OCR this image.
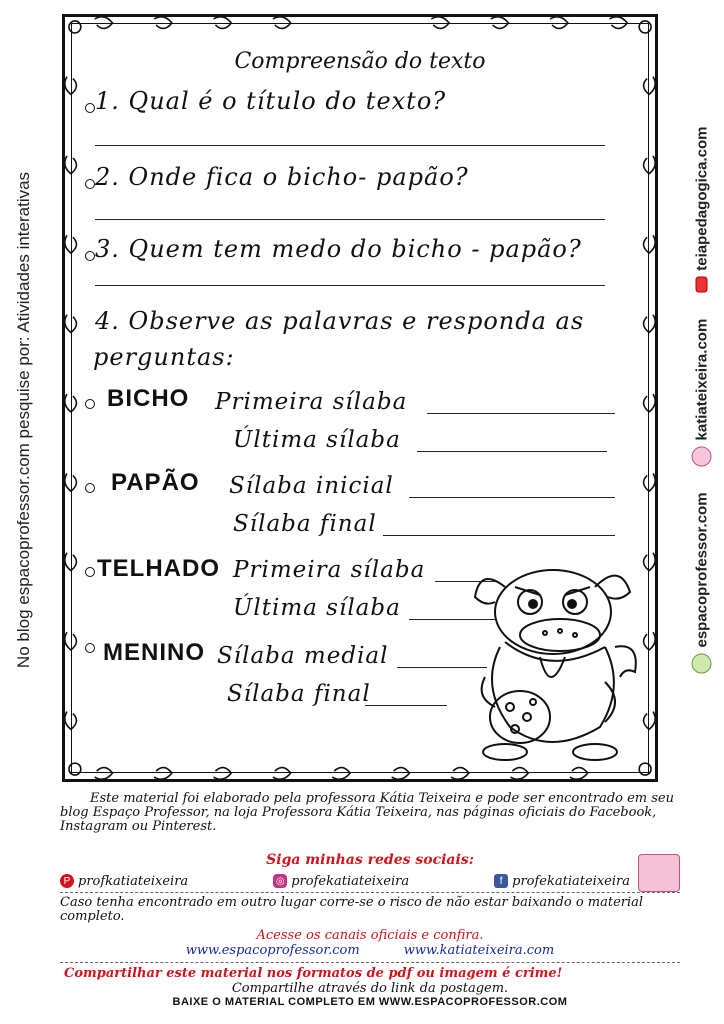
No blog espacoprofessor.com pesquise por: Atividades interativas	espacoprofessor.com
katiateixeira.com
teiapedagogica.com
Compreensão do texto
1. Qual é o título do texto?
2. Onde fica o bicho- papão?
3. Quem tem medo do bicho - papão?
4. Observe as palavras e responda as
perguntas:
BICHO Primeira sílaba
Última sílaba
PAPÃO Sílaba inicial
Sílaba final
TELHADO Primeira sílaba
Última sílaba
MENINO Sílaba medial
Sílaba final
Este material foi elaborado pela professora Kátia Teixeira e pode ser encontrado em seu blog Espaço Professor, na loja Professora Kátia Teixeira, nas páginas oficiais do Facebook, Instagram ou Pinterest.
Siga minhas redes sociais:
P profkatiateixeira	◎ profekatiateixeira	f profekatiateixeira
Caso tenha encontrado em outro lugar corre-se o risco de não estar baixando o material completo.
Acesse os canais oficiais e confira.
www.espacoprofessor.com	www.katiateixeira.com
Compartilhar este material nos formatos de pdf ou imagem é crime!
Compartilhe através do link da postagem.
BAIXE O MATERIAL COMPLETO EM WWW.ESPACOPROFESSOR.COM
